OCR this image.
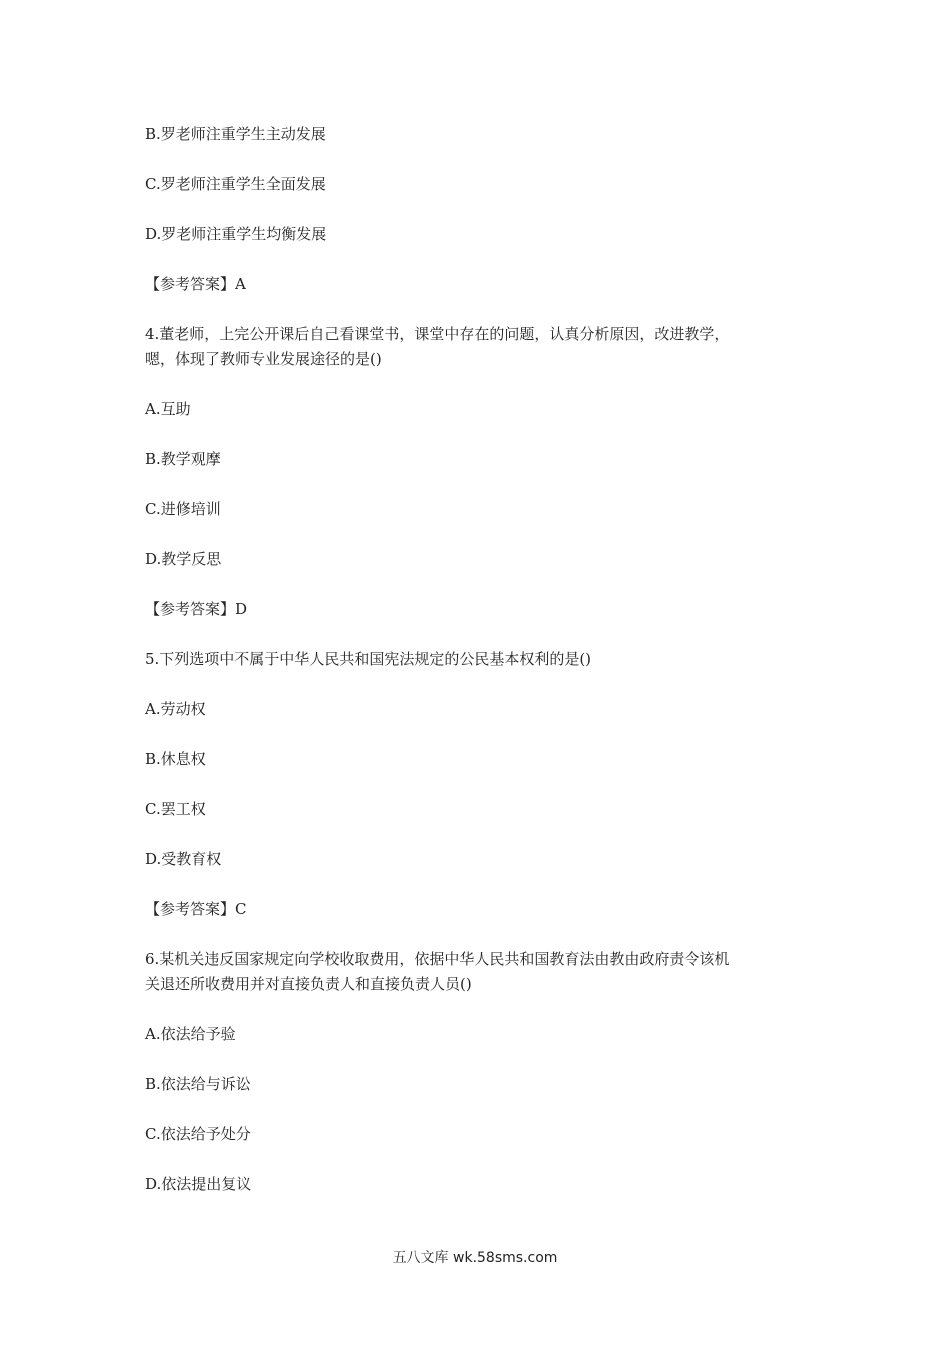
B.罗老师注重学生主动发展
C.罗老师注重学生全面发展
D.罗老师注重学生均衡发展
【参考答案】A
4.董老师，上完公开课后自己看课堂书，课堂中存在的问题，认真分析原因，改进教学，
嗯，体现了教师专业发展途径的是()
A.互助
B.教学观摩
C.进修培训
D.教学反思
【参考答案】D
5.下列选项中不属于中华人民共和国宪法规定的公民基本权利的是()
A.劳动权
B.休息权
C.罢工权
D.受教育权
【参考答案】C
6.某机关违反国家规定向学校收取费用，依据中华人民共和国教育法由教由政府责令该机
关退还所收费用并对直接负责人和直接负责人员()
A.依法给予验
B.依法给与诉讼
C.依法给予处分
D.依法提出复议
五八文库 wk.58sms.com
